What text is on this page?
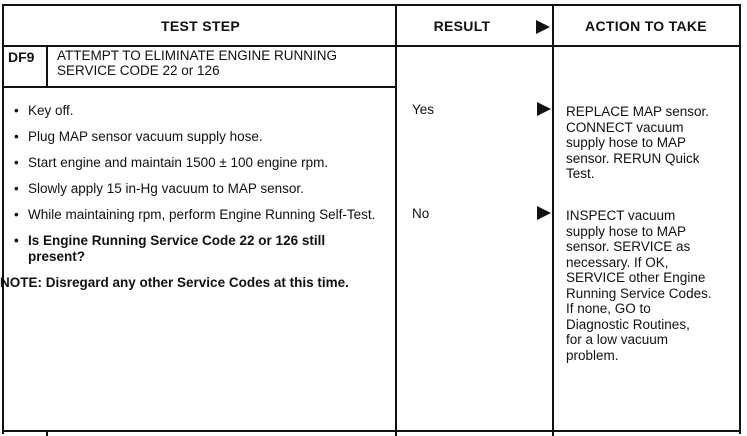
TEST STEP	RESULT	ACTION TO TAKE
DF9 ATTEMPT TO ELIMINATE ENGINE RUNNING
SERVICE CODE 22 or 126
• Key off.
• Plug MAP sensor vacuum supply hose.
• Start engine and maintain 1500 ± 100 engine rpm.
• Slowly apply 15 in-Hg vacuum to MAP sensor.
• While maintaining rpm, perform Engine Running Self-Test.
• Is Engine Running Service Code 22 or 126 still present?
NOTE: Disregard any other Service Codes at this time.
Yes	REPLACE MAP sensor.
CONNECT vacuum
supply hose to MAP
sensor. RERUN Quick
Test.
No	INSPECT vacuum
supply hose to MAP
sensor. SERVICE as
necessary. If OK,
SERVICE other Engine
Running Service Codes.
If none, GO to
Diagnostic Routines,
for a low vacuum
problem.
